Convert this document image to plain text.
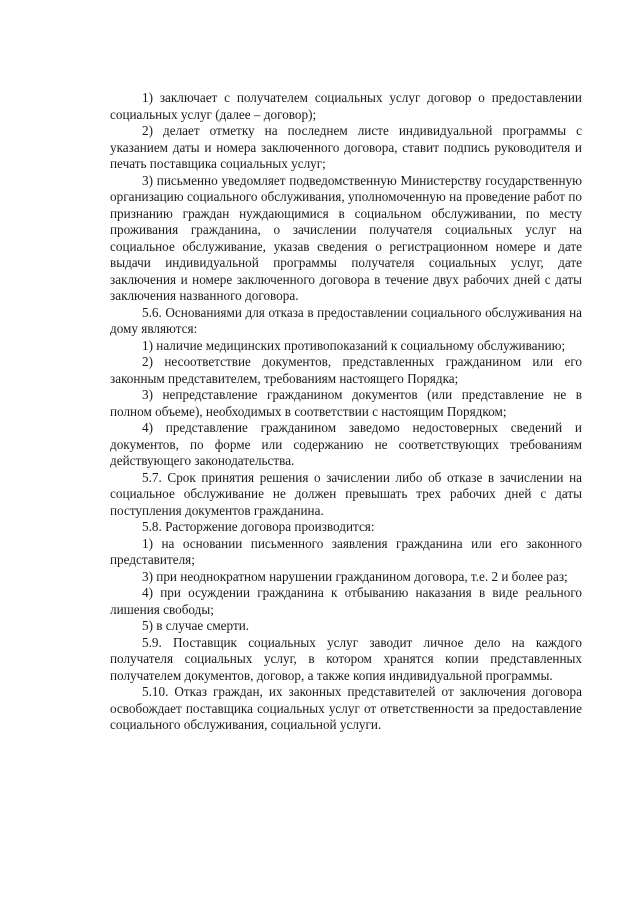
1) заключает с получателем социальных услуг договор о предоставлении социальных услуг (далее – договор);

2) делает отметку на последнем листе индивидуальной программы с указанием даты и номера заключенного договора, ставит подпись руководителя и печать поставщика социальных услуг;

3) письменно уведомляет подведомственную Министерству государственную организацию социального обслуживания, уполномоченную на проведение работ по признанию граждан нуждающимися в социальном обслуживании, по месту проживания гражданина, о зачислении получателя социальных услуг на социальное обслуживание, указав сведения о регистрационном номере и дате выдачи индивидуальной программы получателя социальных услуг, дате заключения и номере заключенного договора в течение двух рабочих дней с даты заключения названного договора.

5.6. Основаниями для отказа в предоставлении социального обслуживания на дому являются:

1) наличие медицинских противопоказаний к социальному обслуживанию;

2) несоответствие документов, представленных гражданином или его законным представителем, требованиям настоящего Порядка;

3) непредставление гражданином документов (или представление не в полном объеме), необходимых в соответствии с настоящим Порядком;

4) представление гражданином заведомо недостоверных сведений и документов, по форме или содержанию не соответствующих требованиям действующего законодательства.

5.7. Срок принятия решения о зачислении либо об отказе в зачислении на социальное обслуживание не должен превышать трех рабочих дней с даты поступления документов гражданина.

5.8. Расторжение договора производится:

1) на основании письменного заявления гражданина или его законного представителя;

3) при неоднократном нарушении гражданином договора, т.е. 2 и более раз;

4) при осуждении гражданина к отбыванию наказания в виде реального лишения свободы;

5) в случае смерти.

5.9. Поставщик социальных услуг заводит личное дело на каждого получателя социальных услуг, в котором хранятся копии представленных получателем документов, договор, а также копия индивидуальной программы.

5.10. Отказ граждан, их законных представителей от заключения договора освобождает поставщика социальных услуг от ответственности за предоставление социального обслуживания, социальной услуги.
